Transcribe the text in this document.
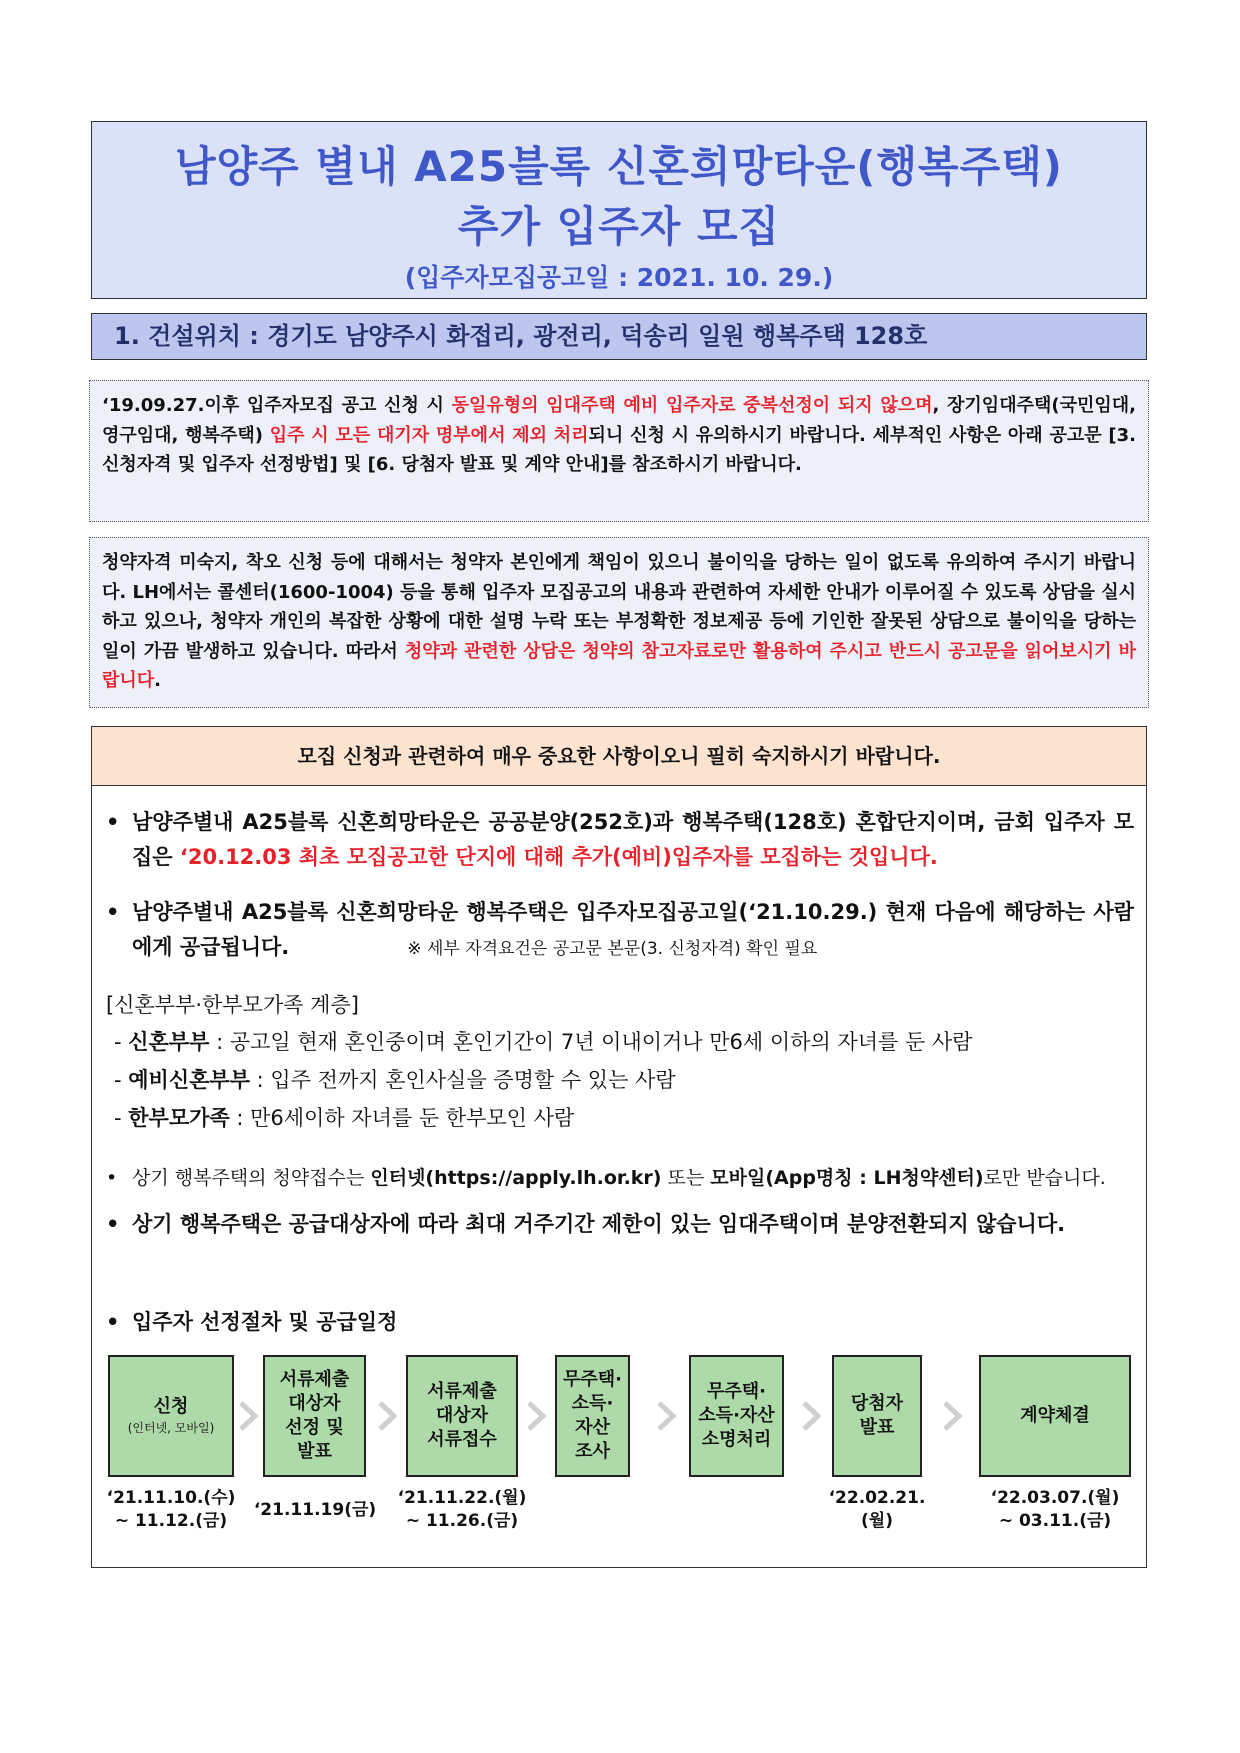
남양주 별내 A25블록 신혼희망타운(행복주택)
추가 입주자 모집
(입주자모집공고일 : 2021. 10. 29.)
1. 건설위치 : 경기도 남양주시 화접리, 광전리, 덕송리 일원 행복주택 128호
‘19.09.27.이후 입주자모집 공고 신청 시 동일유형의 임대주택 예비 입주자로 중복선정이 되지 않으며, 장기임대주택(국민임대, 영구임대, 행복주택) 입주 시 모든 대기자 명부에서 제외 처리되니 신청 시 유의하시기 바랍니다. 세부적인 사항은 아래 공고문 [3. 신청자격 및 입주자 선정방법] 및 [6. 당첨자 발표 및 계약 안내]를 참조하시기 바랍니다.
청약자격 미숙지, 착오 신청 등에 대해서는 청약자 본인에게 책임이 있으니 불이익을 당하는 일이 없도록 유의하여 주시기 바랍니다. LH에서는 콜센터(1600-1004) 등을 통해 입주자 모집공고의 내용과 관련하여 자세한 안내가 이루어질 수 있도록 상담을 실시하고 있으나, 청약자 개인의 복잡한 상황에 대한 설명 누락 또는 부정확한 정보제공 등에 기인한 잘못된 상담으로 불이익을 당하는 일이 가끔 발생하고 있습니다. 따라서 청약과 관련한 상담은 청약의 참고자료로만 활용하여 주시고 반드시 공고문을 읽어보시기 바랍니다.
모집 신청과 관련하여 매우 중요한 사항이오니 필히 숙지하시기 바랍니다.
• 남양주별내 A25블록 신혼희망타운은 공공분양(252호)과 행복주택(128호) 혼합단지이며, 금회 입주자 모집은 ‘20.12.03 최초 모집공고한 단지에 대해 추가(예비)입주자를 모집하는 것입니다.
• 남양주별내 A25블록 신혼희망타운 행복주택은 입주자모집공고일(‘21.10.29.) 현재 다음에 해당하는 사람에게 공급됩니다.	※ 세부 자격요건은 공고문 본문(3. 신청자격) 확인 필요
[신혼부부·한부모가족 계층]
- 신혼부부 : 공고일 현재 혼인중이며 혼인기간이 7년 이내이거나 만6세 이하의 자녀를 둔 사람
- 예비신혼부부 : 입주 전까지 혼인사실을 증명할 수 있는 사람
- 한부모가족 : 만6세이하 자녀를 둔 한부모인 사람
• 상기 행복주택의 청약접수는 인터넷(https://apply.lh.or.kr) 또는 모바일(App명칭 : LH청약센터)로만 받습니다.
• 상기 행복주택은 공급대상자에 따라 최대 거주기간 제한이 있는 임대주택이며 분양전환되지 않습니다.
• 입주자 선정절차 및 공급일정
신청
(인터넷, 모바일)
서류제출
대상자
선정 및
발표
서류제출
대상자
서류접수
무주택·
소득·
자산
조사
무주택·
소득·자산
소명처리
당첨자
발표
계약체결
‘21.11.10.(수)
~ 11.12.(금)
‘21.11.19(금)
‘21.11.22.(월)
~ 11.26.(금)
‘22.02.21.
(월)
‘22.03.07.(월)
~ 03.11.(금)
